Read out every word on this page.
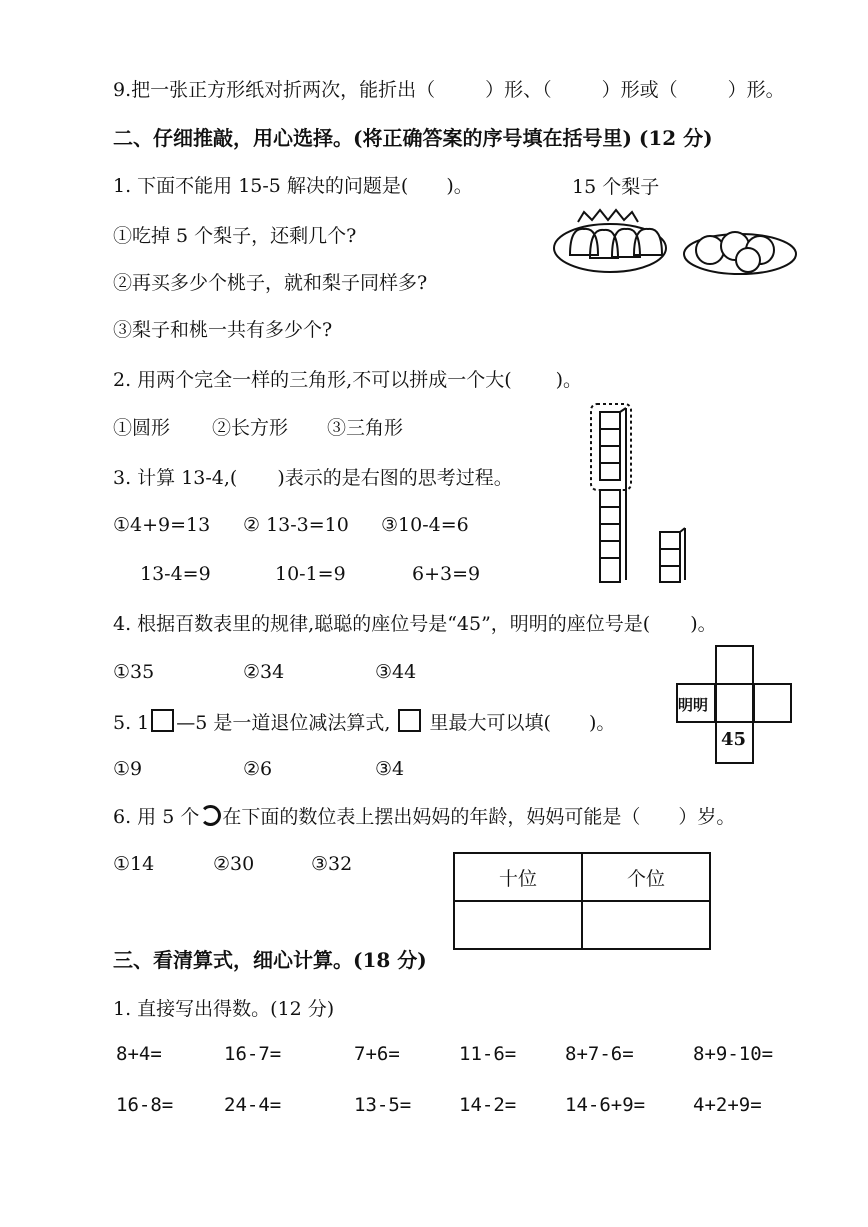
9.把一张正方形纸对折两次，能折出（	）形、（	）形或（	）形。
二、仔细推敲，用心选择。(将正确答案的序号填在括号里) (12 分)
1. 下面不能用 15-5 解决的问题是( )。	15 个梨子
①吃掉 5 个梨子，还剩几个?
②再买多少个桃子，就和梨子同样多?
③梨子和桃一共有多少个?
2. 用两个完全一样的三角形,不可以拼成一个大( )。
①圆形 ②长方形 ③三角形
3. 计算 13-4,( )表示的是右图的思考过程。
①4+9=13 ② 13-3=10 ③10-4=6
13-4=9	10-1=9	6+3=9
4. 根据百数表里的规律,聪聪的座位号是“45”，明明的座位号是( )。
①35	②34	③44
明明
45
5. 1 —5 是一道退位减法算式, 里最大可以填( )。
①9	②6	③4
6. 用 5 个 在下面的数位表上摆出妈妈的年龄，妈妈可能是（ ）岁。
①14	②30	③32
十位	个位

三、看清算式，细心计算。(18 分)
1. 直接写出得数。(12 分)
8+4=	16-7=	7+6=	11-6=	8+7-6=	8+9-10=
16-8=	24-4=	13-5=	14-2=	14-6+9=	4+2+9=
